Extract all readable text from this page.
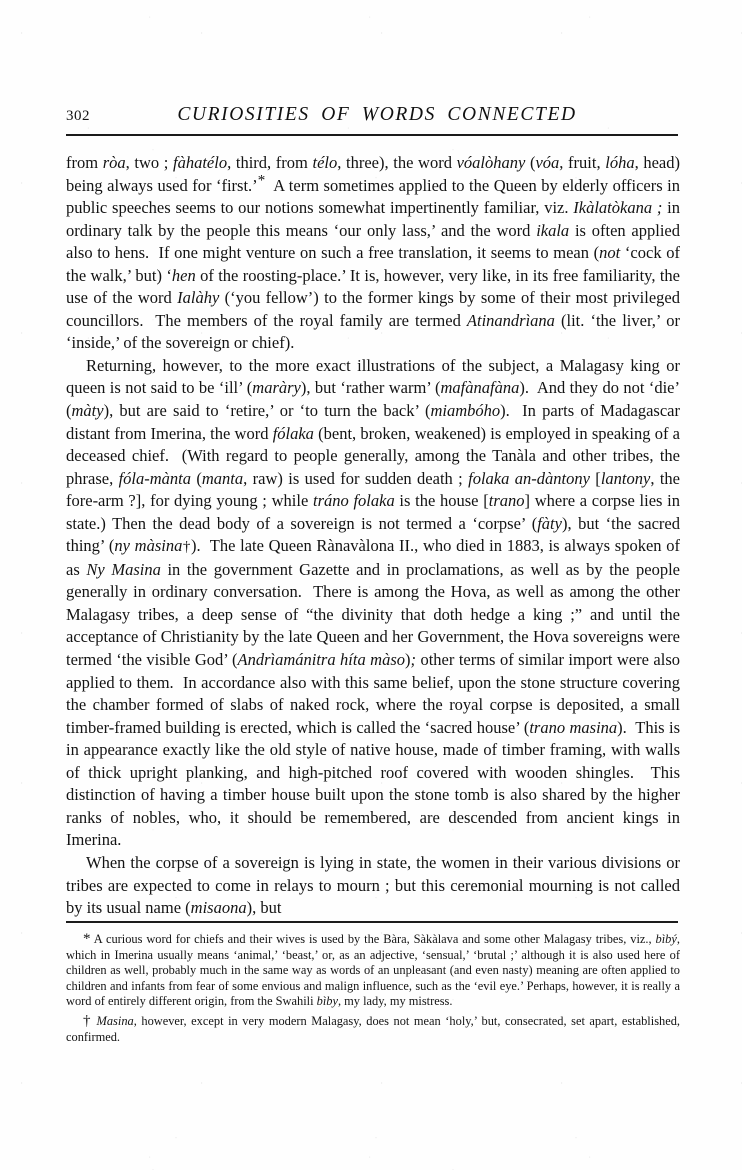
302	CURIOSITIES OF WORDS CONNECTED

from ròa, two ; fàhatélo, third, from télo, three), the word vóalòhany (vóa, fruit, lóha, head) being always used for ‘first.’*  A term sometimes applied to the Queen by elderly officers in public speeches seems to our notions somewhat impertinently familiar, viz. Ikàlatòkana ; in ordinary talk by the people this means ‘our only lass,’ and the word ikala is often applied also to hens.  If one might venture on such a free translation, it seems to mean (not ‘cock of the walk,’ but) ‘hen of the roosting-place.’ It is, however, very like, in its free familiarity, the use of the word Ialàhy (‘you fellow’) to the former kings by some of their most privileged councillors.  The members of the royal family are termed Atinandrìana (lit. ‘the liver,’ or ‘inside,’ of the sovereign or chief).

Returning, however, to the more exact illustrations of the subject, a Malagasy king or queen is not said to be ‘ill’ (maràry), but ‘rather warm’ (mafànafàna).  And they do not ‘die’ (màty), but are said to ‘retire,’ or ‘to turn the back’ (miambóho).  In parts of Madagascar distant from Imerina, the word fólaka (bent, broken, weakened) is employed in speaking of a deceased chief.  (With regard to people generally, among the Tanàla and other tribes, the phrase, fóla-mànta (manta, raw) is used for sudden death ; folaka an-dàntony [lantony, the fore-arm ?], for dying young ; while tráno folaka is the house [trano] where a corpse lies in state.) Then the dead body of a sovereign is not termed a ‘corpse’ (fàty), but ‘the sacred thing’ (ny màsina†).  The late Queen Rànavàlona II., who died in 1883, is always spoken of as Ny Masina in the government Gazette and in proclamations, as well as by the people generally in ordinary conversation.  There is among the Hova, as well as among the other Malagasy tribes, a deep sense of “the divinity that doth hedge a king ;” and until the acceptance of Christianity by the late Queen and her Government, the Hova sovereigns were termed ‘the visible God’ (Andrìamánitra híta màso); other terms of similar import were also applied to them.  In accordance also with this same belief, upon the stone structure covering the chamber formed of slabs of naked rock, where the royal corpse is deposited, a small timber-framed building is erected, which is called the ‘sacred house’ (trano masina).  This is in appearance exactly like the old style of native house, made of timber framing, with walls of thick upright planking, and high-pitched roof covered with wooden shingles.  This distinction of having a timber house built upon the stone tomb is also shared by the higher ranks of nobles, who, it should be remembered, are descended from ancient kings in Imerina.

When the corpse of a sovereign is lying in state, the women in their various divisions or tribes are expected to come in relays to mourn ; but this ceremonial mourning is not called by its usual name (misaona), but

* A curious word for chiefs and their wives is used by the Bàra, Sàkàlava and some other Malagasy tribes, viz., bìbý, which in Imerina usually means ‘animal,’ ‘beast,’ or, as an adjective, ‘sensual,’ ‘brutal ;’ although it is also used here of children as well, probably much in the same way as words of an unpleasant (and even nasty) meaning are often applied to children and infants from fear of some envious and malign influence, such as the ‘evil eye.’ Perhaps, however, it is really a word of entirely different origin, from the Swahili bìby, my lady, my mistress.

† Masina, however, except in very modern Malagasy, does not mean ‘holy,’ but, consecrated, set apart, established, confirmed.
